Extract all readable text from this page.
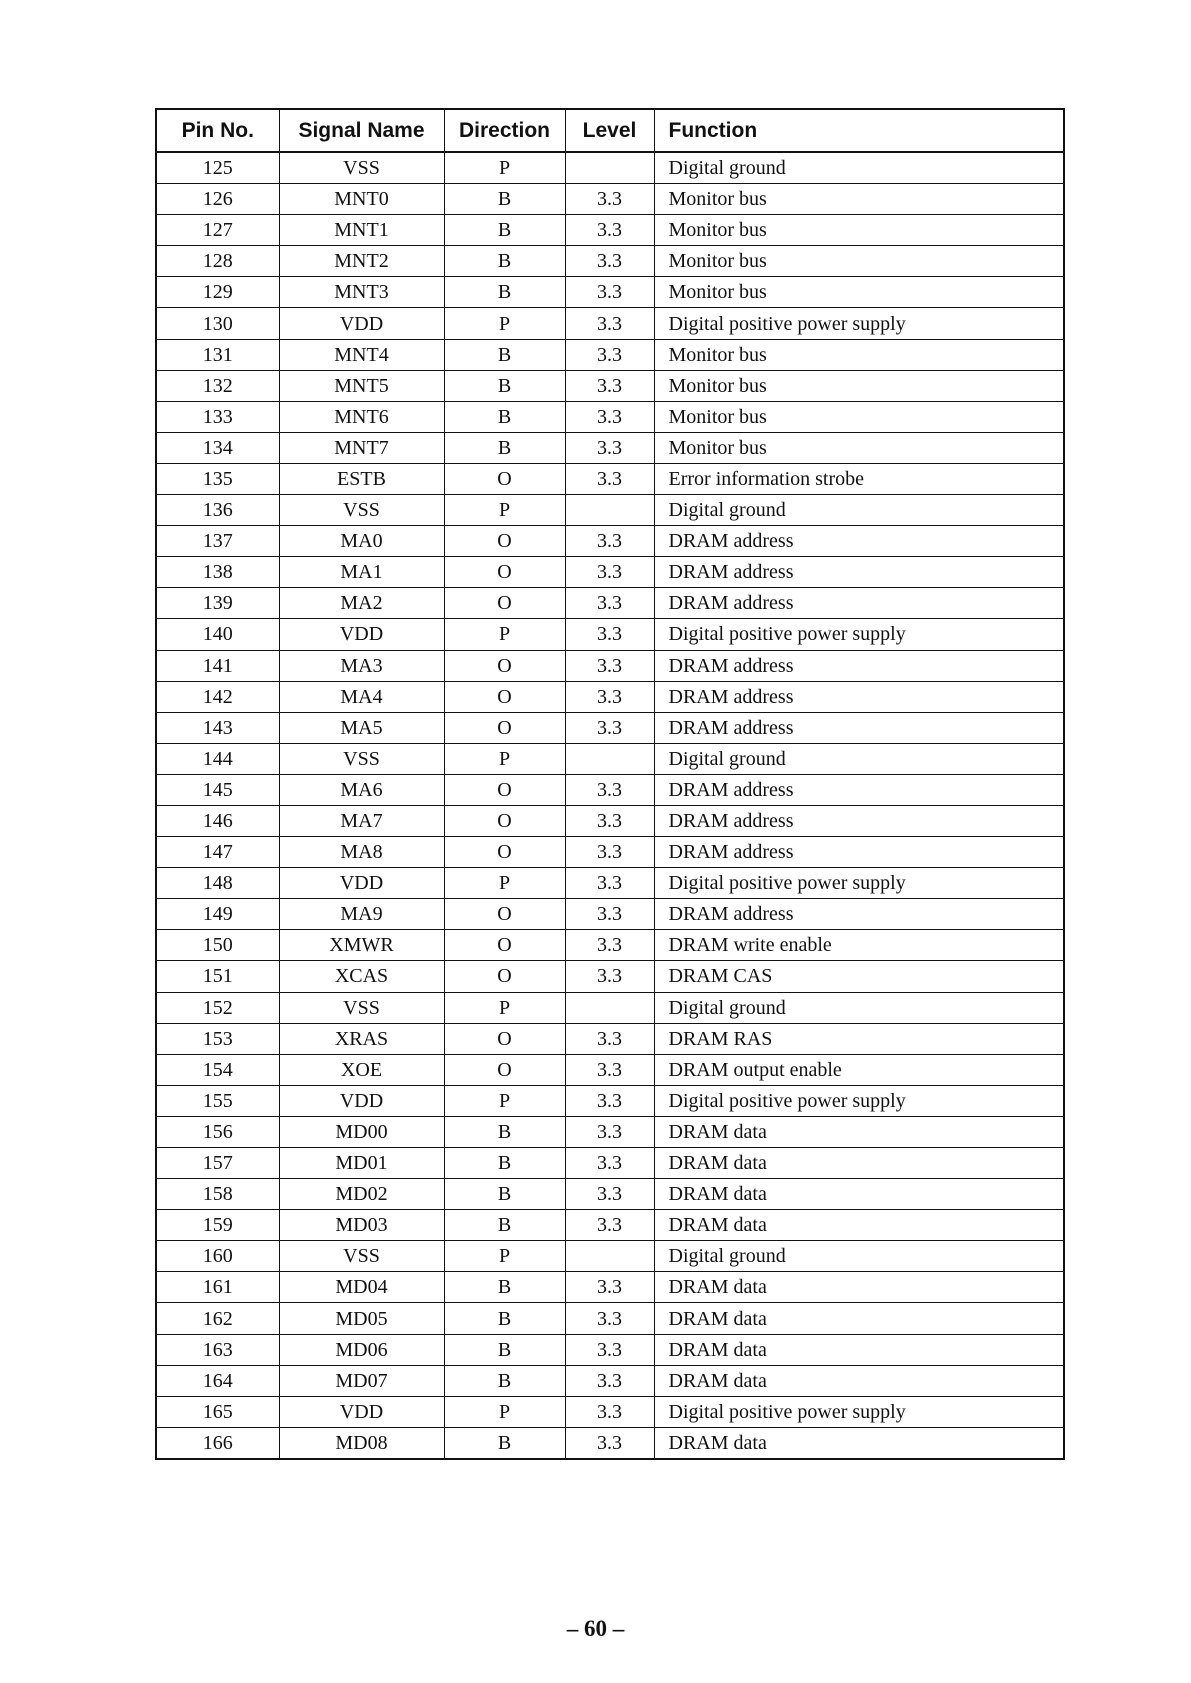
Pin No.	Signal Name	Direction	Level	Function
125	VSS	P		Digital ground
126	MNT0	B	3.3	Monitor bus
127	MNT1	B	3.3	Monitor bus
128	MNT2	B	3.3	Monitor bus
129	MNT3	B	3.3	Monitor bus
130	VDD	P	3.3	Digital positive power supply
131	MNT4	B	3.3	Monitor bus
132	MNT5	B	3.3	Monitor bus
133	MNT6	B	3.3	Monitor bus
134	MNT7	B	3.3	Monitor bus
135	ESTB	O	3.3	Error information strobe
136	VSS	P		Digital ground
137	MA0	O	3.3	DRAM address
138	MA1	O	3.3	DRAM address
139	MA2	O	3.3	DRAM address
140	VDD	P	3.3	Digital positive power supply
141	MA3	O	3.3	DRAM address
142	MA4	O	3.3	DRAM address
143	MA5	O	3.3	DRAM address
144	VSS	P		Digital ground
145	MA6	O	3.3	DRAM address
146	MA7	O	3.3	DRAM address
147	MA8	O	3.3	DRAM address
148	VDD	P	3.3	Digital positive power supply
149	MA9	O	3.3	DRAM address
150	XMWR	O	3.3	DRAM write enable
151	XCAS	O	3.3	DRAM CAS
152	VSS	P		Digital ground
153	XRAS	O	3.3	DRAM RAS
154	XOE	O	3.3	DRAM output enable
155	VDD	P	3.3	Digital positive power supply
156	MD00	B	3.3	DRAM data
157	MD01	B	3.3	DRAM data
158	MD02	B	3.3	DRAM data
159	MD03	B	3.3	DRAM data
160	VSS	P		Digital ground
161	MD04	B	3.3	DRAM data
162	MD05	B	3.3	DRAM data
163	MD06	B	3.3	DRAM data
164	MD07	B	3.3	DRAM data
165	VDD	P	3.3	Digital positive power supply
166	MD08	B	3.3	DRAM data
– 60 –
